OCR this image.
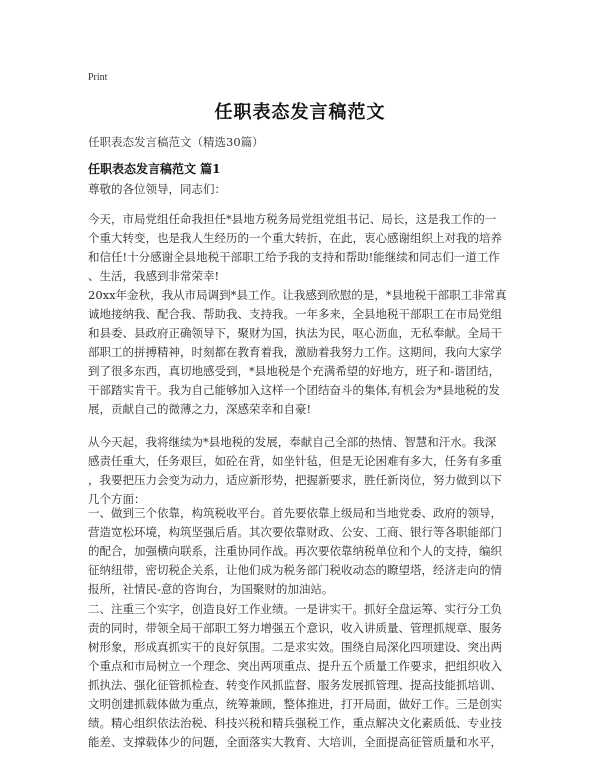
Print
任职表态发言稿范文
任职表态发言稿范文（精选30篇）
任职表态发言稿范文 篇1
尊敬的各位领导，同志们：
今天，市局党组任命我担任*县地方税务局党组党组书记、局长，这是我工作的一
个重大转变，也是我人生经历的一个重大转折，在此，衷心感谢组织上对我的培养
和信任!十分感谢全县地税干部职工给予我的支持和帮助!能继续和同志们一道工作
、生活，我感到非常荣幸!
20xx年金秋，我从市局调到*县工作。让我感到欣慰的是，*县地税干部职工非常真
诚地接纳我、配合我、帮助我、支持我。一年多来，全县地税干部职工在市局党组
和县委、县政府正确领导下，聚财为国，执法为民，呕心沥血，无私奉献。全局干
部职工的拼搏精神，时刻都在教育着我，激励着我努力工作。这期间，我向大家学
到了很多东西，真切地感受到，*县地税是个充满希望的好地方，班子和-谐团结，
干部踏实肯干。我为自己能够加入这样一个团结奋斗的集体,有机会为*县地税的发
展，贡献自己的微薄之力，深感荣幸和自豪!
从今天起，我将继续为*县地税的发展，奉献自己全部的热情、智慧和汗水。我深
感责任重大，任务艰巨，如砼在背，如坐针毡，但是无论困难有多大，任务有多重
，我要把压力会变为动力，适应新形势，把握新要求，胜任新岗位，努力做到以下
几个方面：
一、做到三个依靠，构筑税收平台。首先要依靠上级局和当地党委、政府的领导，
营造宽松环境，构筑坚强后盾。其次要依靠财政、公安、工商、银行等各职能部门
的配合，加强横向联系，注重协同作战。再次要依靠纳税单位和个人的支持，编织
征纳纽带，密切税企关系，让他们成为税务部门税收动态的瞭望塔，经济走向的情
报所，社情民-意的咨询台，为国聚财的加油站。
二、注重三个实字，创造良好工作业绩。一是讲实干。抓好全盘运筹、实行分工负
责的同时，带领全局干部职工努力增强五个意识，收入讲质量、管理抓规章、服务
树形象，形成真抓实干的良好氛围。二是求实效。围绕自局深化四项建设、突出两
个重点和市局树立一个理念、突出两项重点、提升五个质量工作要求，把组织收入
抓执法、强化征管抓检查、转变作风抓监督、服务发展抓管理、提高技能抓培训、
文明创建抓载体做为重点，统筹兼顾，整体推进，打开局面，做好工作。三是创实
绩。精心组织依法治税、科技兴税和精兵强税工作，重点解决文化素质低、专业技
能差、支撑载体少的问题，全面落实大教育、大培训，全面提高征管质量和水平，
